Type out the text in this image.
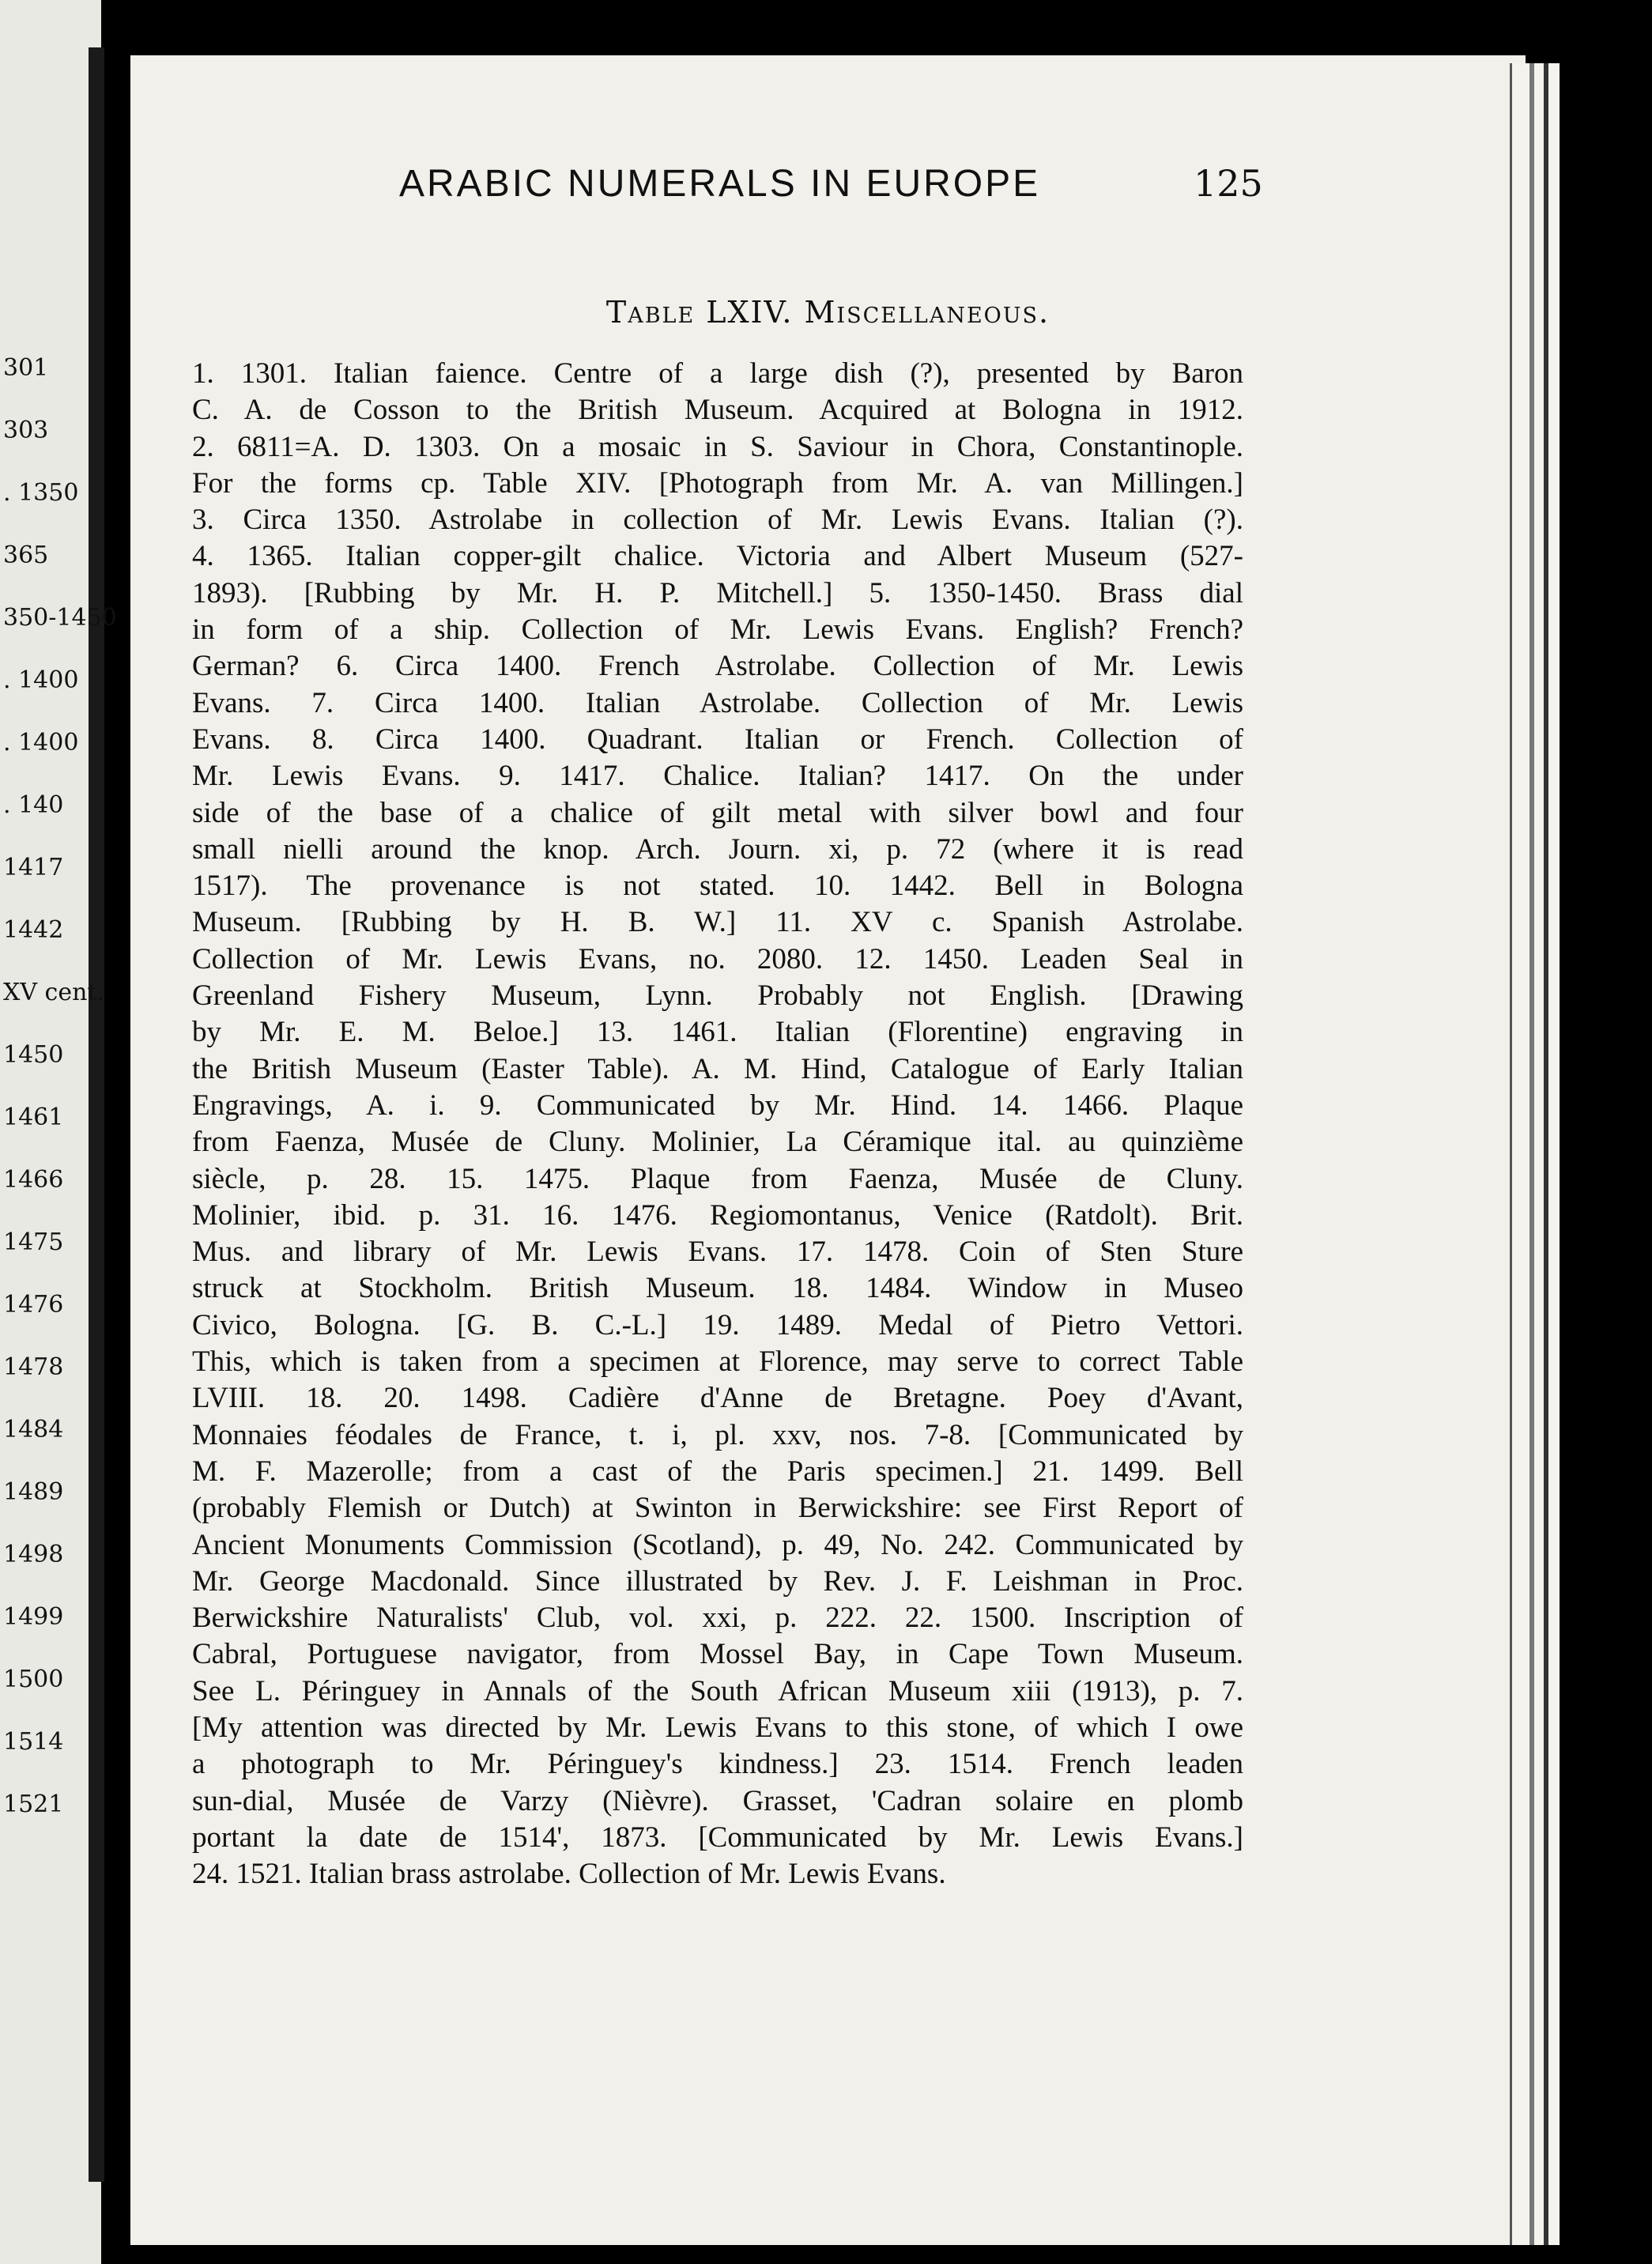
301
303
. 1350
365
350-1450
. 1400
. 1400
. 140
1417
1442
XV cent.
1450
1461
1466
1475
1476
1478
1484
1489
1498
1499
1500
1514
1521
ARABIC NUMERALS IN EUROPE	125
Table LXIV. Miscellaneous.
1. 1301. Italian faience. Centre of a large dish (?), presented by Baron
C. A. de Cosson to the British Museum. Acquired at Bologna in 1912.
2. 6811=A. D. 1303. On a mosaic in S. Saviour in Chora, Constantinople.
For the forms cp. Table XIV. [Photograph from Mr. A. van Millingen.]
3. Circa 1350. Astrolabe in collection of Mr. Lewis Evans. Italian (?).
4. 1365. Italian copper-gilt chalice. Victoria and Albert Museum (527-
1893). [Rubbing by Mr. H. P. Mitchell.] 5. 1350-1450. Brass dial
in form of a ship. Collection of Mr. Lewis Evans. English? French?
German? 6. Circa 1400. French Astrolabe. Collection of Mr. Lewis
Evans. 7. Circa 1400. Italian Astrolabe. Collection of Mr. Lewis
Evans. 8. Circa 1400. Quadrant. Italian or French. Collection of
Mr. Lewis Evans. 9. 1417. Chalice. Italian? 1417. On the under
side of the base of a chalice of gilt metal with silver bowl and four
small nielli around the knop. Arch. Journ. xi, p. 72 (where it is read
1517). The provenance is not stated. 10. 1442. Bell in Bologna
Museum. [Rubbing by H. B. W.] 11. XV c. Spanish Astrolabe.
Collection of Mr. Lewis Evans, no. 2080. 12. 1450. Leaden Seal in
Greenland Fishery Museum, Lynn. Probably not English. [Drawing
by Mr. E. M. Beloe.] 13. 1461. Italian (Florentine) engraving in
the British Museum (Easter Table). A. M. Hind, Catalogue of Early Italian
Engravings, A. i. 9. Communicated by Mr. Hind. 14. 1466. Plaque
from Faenza, Musée de Cluny. Molinier, La Céramique ital. au quinzième
siècle, p. 28. 15. 1475. Plaque from Faenza, Musée de Cluny.
Molinier, ibid. p. 31. 16. 1476. Regiomontanus, Venice (Ratdolt). Brit.
Mus. and library of Mr. Lewis Evans. 17. 1478. Coin of Sten Sture
struck at Stockholm. British Museum. 18. 1484. Window in Museo
Civico, Bologna. [G. B. C.-L.] 19. 1489. Medal of Pietro Vettori.
This, which is taken from a specimen at Florence, may serve to correct Table
LVIII. 18. 20. 1498. Cadière d'Anne de Bretagne. Poey d'Avant,
Monnaies féodales de France, t. i, pl. xxv, nos. 7-8. [Communicated by
M. F. Mazerolle; from a cast of the Paris specimen.] 21. 1499. Bell
(probably Flemish or Dutch) at Swinton in Berwickshire: see First Report of
Ancient Monuments Commission (Scotland), p. 49, No. 242. Communicated by
Mr. George Macdonald. Since illustrated by Rev. J. F. Leishman in Proc.
Berwickshire Naturalists' Club, vol. xxi, p. 222. 22. 1500. Inscription of
Cabral, Portuguese navigator, from Mossel Bay, in Cape Town Museum.
See L. Péringuey in Annals of the South African Museum xiii (1913), p. 7.
[My attention was directed by Mr. Lewis Evans to this stone, of which I owe
a photograph to Mr. Péringuey's kindness.] 23. 1514. French leaden
sun-dial, Musée de Varzy (Nièvre). Grasset, 'Cadran solaire en plomb
portant la date de 1514', 1873. [Communicated by Mr. Lewis Evans.]
24. 1521. Italian brass astrolabe. Collection of Mr. Lewis Evans.
